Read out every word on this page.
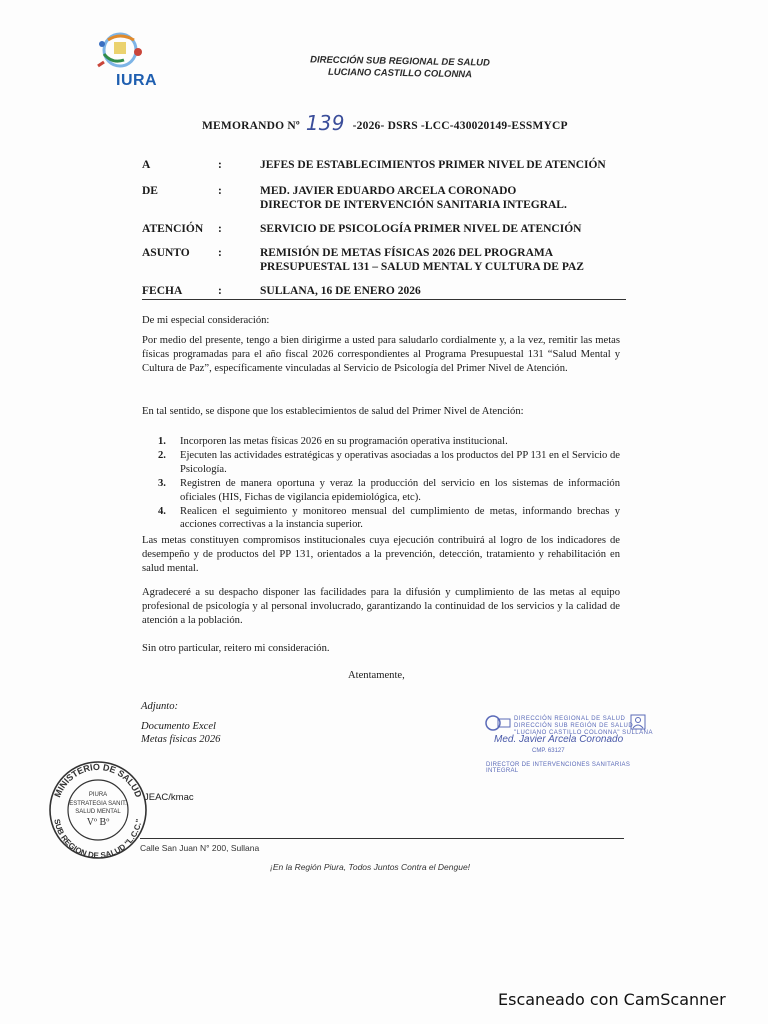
IURA
DIRECCIÓN SUB REGIONAL DE SALUD
LUCIANO CASTILLO COLONNA
MEMORANDO Nº 139 -2026- DSRS -LCC-430020149-ESSMYCP
A	:	JEFES DE ESTABLECIMIENTOS PRIMER NIVEL DE ATENCIÓN
DE	:	MED. JAVIER EDUARDO ARCELA CORONADO
DIRECTOR DE INTERVENCIÓN SANITARIA INTEGRAL.
ATENCIÓN	:	SERVICIO DE PSICOLOGÍA PRIMER NIVEL DE ATENCIÓN
ASUNTO	:	REMISIÓN DE METAS FÍSICAS 2026 DEL PROGRAMA
PRESUPUESTAL 131 – SALUD MENTAL Y CULTURA DE PAZ
FECHA	:	SULLANA, 16 DE ENERO 2026
De mi especial consideración:
Por medio del presente, tengo a bien dirigirme a usted para saludarlo cordialmente y, a la vez, remitir las metas físicas programadas para el año fiscal 2026 correspondientes al Programa Presupuestal 131 “Salud Mental y Cultura de Paz”, específicamente vinculadas al Servicio de Psicología del Primer Nivel de Atención.
En tal sentido, se dispone que los establecimientos de salud del Primer Nivel de Atención:
1.	Incorporen las metas físicas 2026 en su programación operativa institucional.
2.	Ejecuten las actividades estratégicas y operativas asociadas a los productos del PP 131 en el Servicio de Psicología.
3.	Registren de manera oportuna y veraz la producción del servicio en los sistemas de información oficiales (HIS, Fichas de vigilancia epidemiológica, etc).
4.	Realicen el seguimiento y monitoreo mensual del cumplimiento de metas, informando brechas y acciones correctivas a la instancia superior.
Las metas constituyen compromisos institucionales cuya ejecución contribuirá al logro de los indicadores de desempeño y de productos del PP 131, orientados a la prevención, detección, tratamiento y rehabilitación en salud mental.
Agradeceré a su despacho disponer las facilidades para la difusión y cumplimiento de las metas al equipo profesional de psicología y al personal involucrado, garantizando la continuidad de los servicios y la calidad de atención a la población.
Sin otro particular, reitero mi consideración.
Atentamente,
Adjunto:
Documento Excel
Metas físicas 2026
JEAC/kmac
MINISTERIO DE SALUD
SUB REGION DE SALUD "L.C.C."
PIURA
ESTRATEGIA SANIT.
SALUD MENTAL
Vº Bº
DIRECCIÓN REGIONAL DE SALUD
DIRECCIÓN SUB REGIÓN DE SALUD
"LUCIANO CASTILLO COLONNA" SULLANA
Med. Javier Arcela Coronado
CMP. 63127
DIRECTOR DE INTERVENCIONES SANITARIAS INTEGRAL
Calle San Juan N° 200, Sullana
¡En la Región Piura, Todos Juntos Contra el Dengue!
Escaneado con CamScanner
